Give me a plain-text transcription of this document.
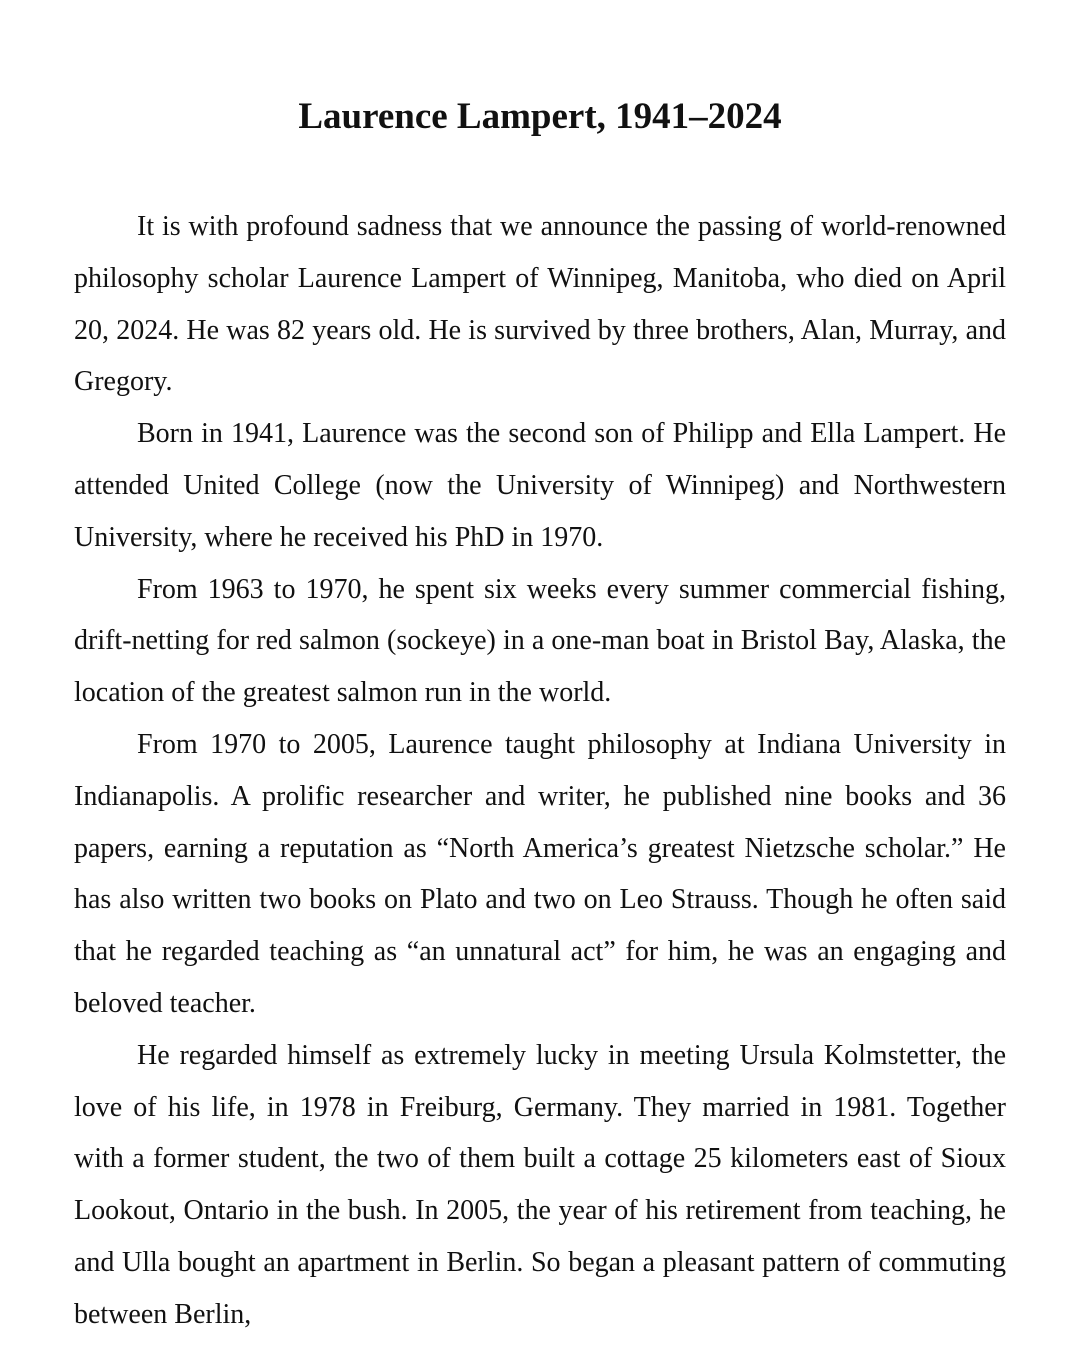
Laurence Lampert, 1941–2024

It is with profound sadness that we announce the passing of world-renowned philosophy scholar Laurence Lampert of Winnipeg, Manitoba, who died on April 20, 2024. He was 82 years old. He is survived by three brothers, Alan, Murray, and Gregory.

Born in 1941, Laurence was the second son of Philipp and Ella Lampert. He attended United College (now the University of Winnipeg) and Northwestern University, where he received his PhD in 1970.

From 1963 to 1970, he spent six weeks every summer commercial fishing, drift-netting for red salmon (sockeye) in a one-man boat in Bristol Bay, Alaska, the location of the greatest salmon run in the world.

From 1970 to 2005, Laurence taught philosophy at Indiana University in Indianapolis. A prolific researcher and writer, he published nine books and 36 papers, earning a reputation as “North America’s greatest Nietzsche scholar.” He has also written two books on Plato and two on Leo Strauss. Though he often said that he regarded teaching as “an unnatural act” for him, he was an engaging and beloved teacher.

He regarded himself as extremely lucky in meeting Ursula Kolmstetter, the love of his life, in 1978 in Freiburg, Germany. They married in 1981. Together with a former student, the two of them built a cottage 25 kilometers east of Sioux Lookout, Ontario in the bush. In 2005, the year of his retirement from teaching, he and Ulla bought an apartment in Berlin. So began a pleasant pattern of commuting between Berlin,
